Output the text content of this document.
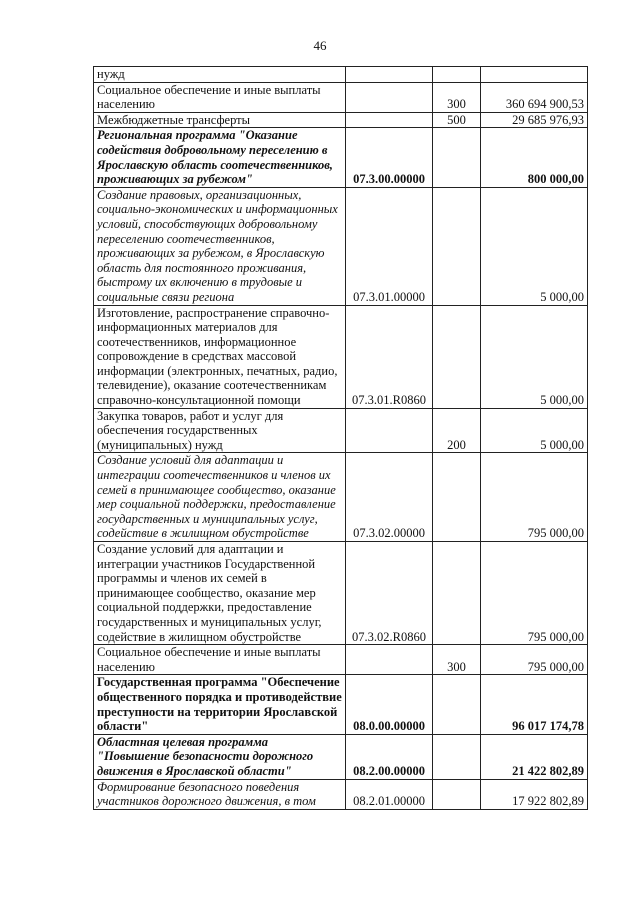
46
нужд			
Социальное обеспечение и иные выплаты населению		300	360 694 900,53
Межбюджетные трансферты		500	29 685 976,93
Региональная программа "Оказание содействия добровольному переселению в Ярославскую область соотечественников, проживающих за рубежом"	07.3.00.00000		800 000,00
Создание правовых, организационных, социально-экономических и информационных условий, способствующих добровольному переселению соотечественников, проживающих за рубежом, в Ярославскую область для постоянного проживания, быстрому их включению в трудовые и социальные связи региона	07.3.01.00000		5 000,00
Изготовление, распространение справочно-информационных материалов для соотечественников, информационное сопровождение в средствах массовой информации (электронных, печатных, радио, телевидение), оказание соотечественникам справочно-консультационной помощи	07.3.01.R0860		5 000,00
Закупка товаров, работ и услуг для обеспечения государственных (муниципальных) нужд		200	5 000,00
Создание условий для адаптации и интеграции соотечественников и членов их семей в принимающее сообщество, оказание мер социальной поддержки, предоставление государственных и муниципальных услуг, содействие в жилищном обустройстве	07.3.02.00000		795 000,00
Создание условий для адаптации и интеграции участников Государственной программы и членов их семей в принимающее сообщество, оказание мер социальной поддержки, предоставление государственных и муниципальных услуг, содействие в жилищном обустройстве	07.3.02.R0860		795 000,00
Социальное обеспечение и иные выплаты населению		300	795 000,00
Государственная программа "Обеспечение общественного порядка и противодействие преступности на территории Ярославской области"	08.0.00.00000		96 017 174,78
Областная целевая программа "Повышение безопасности дорожного движения в Ярославской области"	08.2.00.00000		21 422 802,89
Формирование безопасного поведения участников дорожного движения, в том	08.2.01.00000		17 922 802,89
